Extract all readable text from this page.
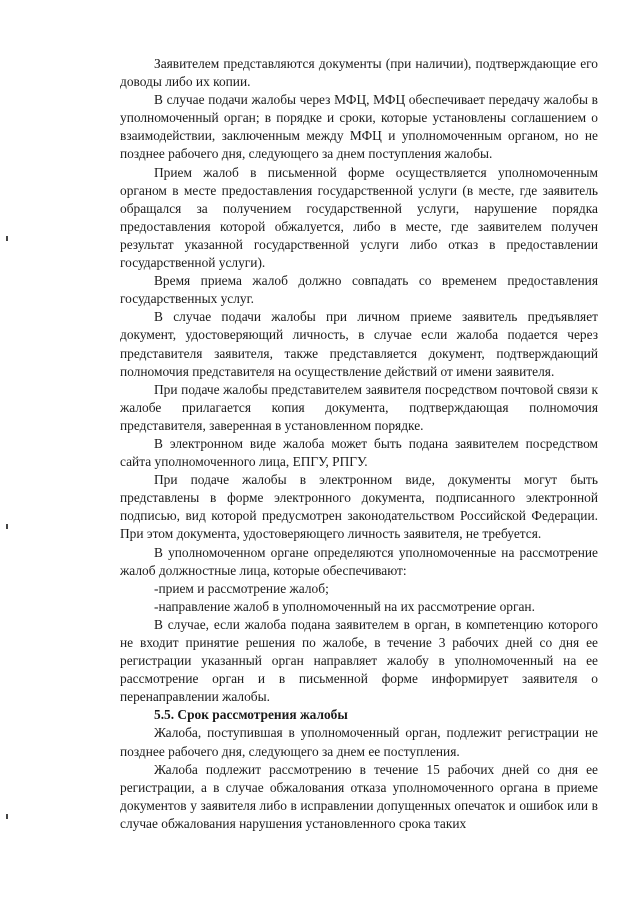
Заявителем представляются документы (при наличии), подтверждающие его доводы либо их копии.

В случае подачи жалобы через МФЦ, МФЦ обеспечивает передачу жалобы в уполномоченный орган; в порядке и сроки, которые установлены соглашением о взаимодействии, заключенным между МФЦ и уполномоченным органом, но не позднее рабочего дня, следующего за днем поступления жалобы.

Прием жалоб в письменной форме осуществляется уполномоченным органом в месте предоставления государственной услуги (в месте, где заявитель обращался за получением государственной услуги, нарушение порядка предоставления которой обжалуется, либо в месте, где заявителем получен результат указанной государственной услуги либо отказ в предоставлении государственной услуги).

Время приема жалоб должно совпадать со временем предоставления государственных услуг.

В случае подачи жалобы при личном приеме заявитель предъявляет документ, удостоверяющий личность, в случае если жалоба подается через представителя заявителя, также представляется документ, подтверждающий полномочия представителя на осуществление действий от имени заявителя.

При подаче жалобы представителем заявителя посредством почтовой связи к жалобе прилагается копия документа, подтверждающая полномочия представителя, заверенная в установленном порядке.

В электронном виде жалоба может быть подана заявителем посредством сайта уполномоченного лица, ЕПГУ, РПГУ.

При подаче жалобы в электронном виде, документы могут быть представлены в форме электронного документа, подписанного электронной подписью, вид которой предусмотрен законодательством Российской Федерации. При этом документа, удостоверяющего личность заявителя, не требуется.

В уполномоченном органе определяются уполномоченные на рассмотрение жалоб должностные лица, которые обеспечивают:

-прием и рассмотрение жалоб;

-направление жалоб в уполномоченный на их рассмотрение орган.

В случае, если жалоба подана заявителем в орган, в компетенцию которого не входит принятие решения по жалобе, в течение 3 рабочих дней со дня ее регистрации указанный орган направляет жалобу в уполномоченный на ее рассмотрение орган и в письменной форме информирует заявителя о перенаправлении жалобы.

5.5. Срок рассмотрения жалобы

Жалоба, поступившая в уполномоченный орган, подлежит регистрации не позднее рабочего дня, следующего за днем ее поступления.

Жалоба подлежит рассмотрению в течение 15 рабочих дней со дня ее регистрации, а в случае обжалования отказа уполномоченного органа в приеме документов у заявителя либо в исправлении допущенных опечаток и ошибок или в случае обжалования нарушения установленного срока таких
